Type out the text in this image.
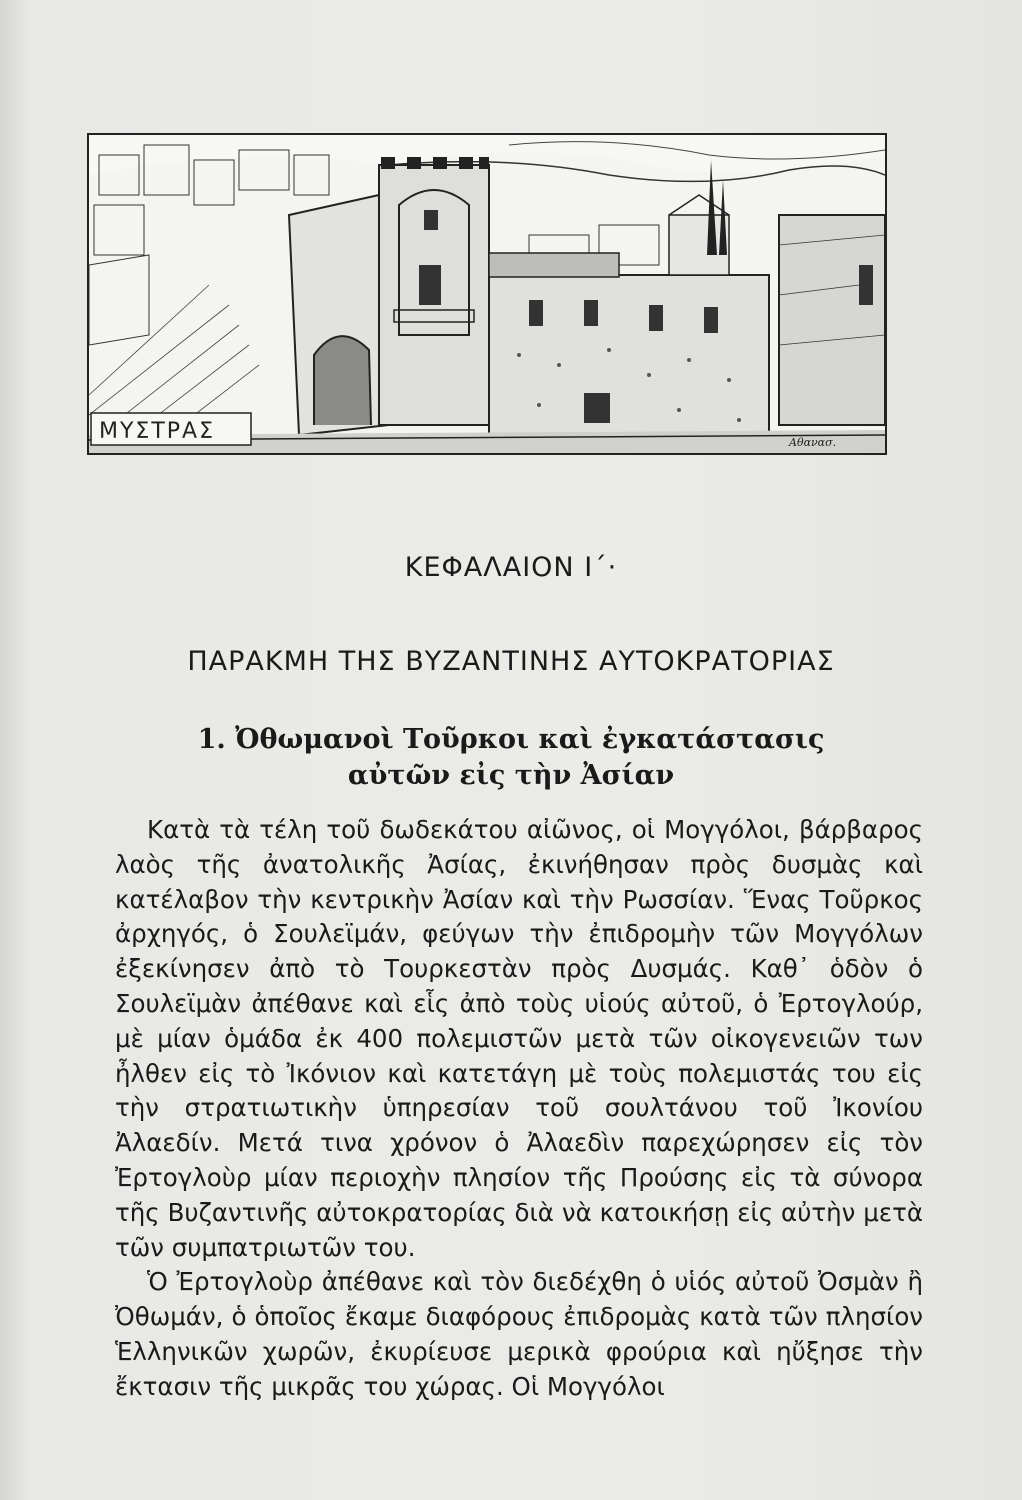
ΜΥΣΤΡΑΣ	Αθανασ.
ΚΕΦΑΛΑΙΟΝ Ι΄·
ΠΑΡΑΚΜΗ ΤΗΣ ΒΥΖΑΝΤΙΝΗΣ ΑΥΤΟΚΡΑΤΟΡΙΑΣ
1. Ὀθωμανοὶ Τοῦρκοι καὶ ἐγκατάστασις
αὐτῶν εἰς τὴν Ἀσίαν

Κατὰ τὰ τέλη τοῦ δωδεκάτου αἰῶνος, οἱ Μογγόλοι, βάρβαρος λαὸς τῆς ἀνατολικῆς Ἀσίας, ἐκινήθησαν πρὸς δυσμὰς καὶ κατέλαβον τὴν κεντρικὴν Ἀσίαν καὶ τὴν Ρωσσίαν. Ἕνας Τοῦρκος ἀρχηγός, ὁ Σουλεϊμάν, φεύγων τὴν ἐπιδρομὴν τῶν Μογγόλων ἐξεκίνησεν ἀπὸ τὸ Τουρκεστὰν πρὸς Δυσμάς. Καθ᾽ ὁδὸν ὁ Σουλεϊμὰν ἀπέθανε καὶ εἷς ἀπὸ τοὺς υἱούς αὐτοῦ, ὁ Ἐρτογλούρ, μὲ μίαν ὁμάδα ἐκ 400 πολεμιστῶν μετὰ τῶν οἰκογενειῶν των ἦλθεν εἰς τὸ Ἰκόνιον καὶ κατετάγη μὲ τοὺς πολεμιστάς του εἰς τὴν στρατιωτικὴν ὑπηρεσίαν τοῦ σουλτάνου τοῦ Ἰκονίου Ἀλαεδίν. Μετά τινα χρόνον ὁ Ἀλαεδὶν παρεχώρησεν εἰς τὸν Ἐρτογλοὺρ μίαν περιοχὴν πλησίον τῆς Προύσης εἰς τὰ σύνορα τῆς Βυζαντινῆς αὐτοκρατορίας διὰ νὰ κατοικήσῃ εἰς αὐτὴν μετὰ τῶν συμπατριωτῶν του.

Ὁ Ἐρτογλοὺρ ἀπέθανε καὶ τὸν διεδέχθη ὁ υἱός αὐτοῦ Ὀσμὰν ἢ Ὀθωμάν, ὁ ὁποῖος ἔκαμε διαφόρους ἐπιδρομὰς κατὰ τῶν πλησίον Ἑλληνικῶν χωρῶν, ἐκυρίευσε μερικὰ φρούρια καὶ ηὔξησε τὴν ἔκτασιν τῆς μικρᾶς του χώρας. Οἱ Μογγόλοι
